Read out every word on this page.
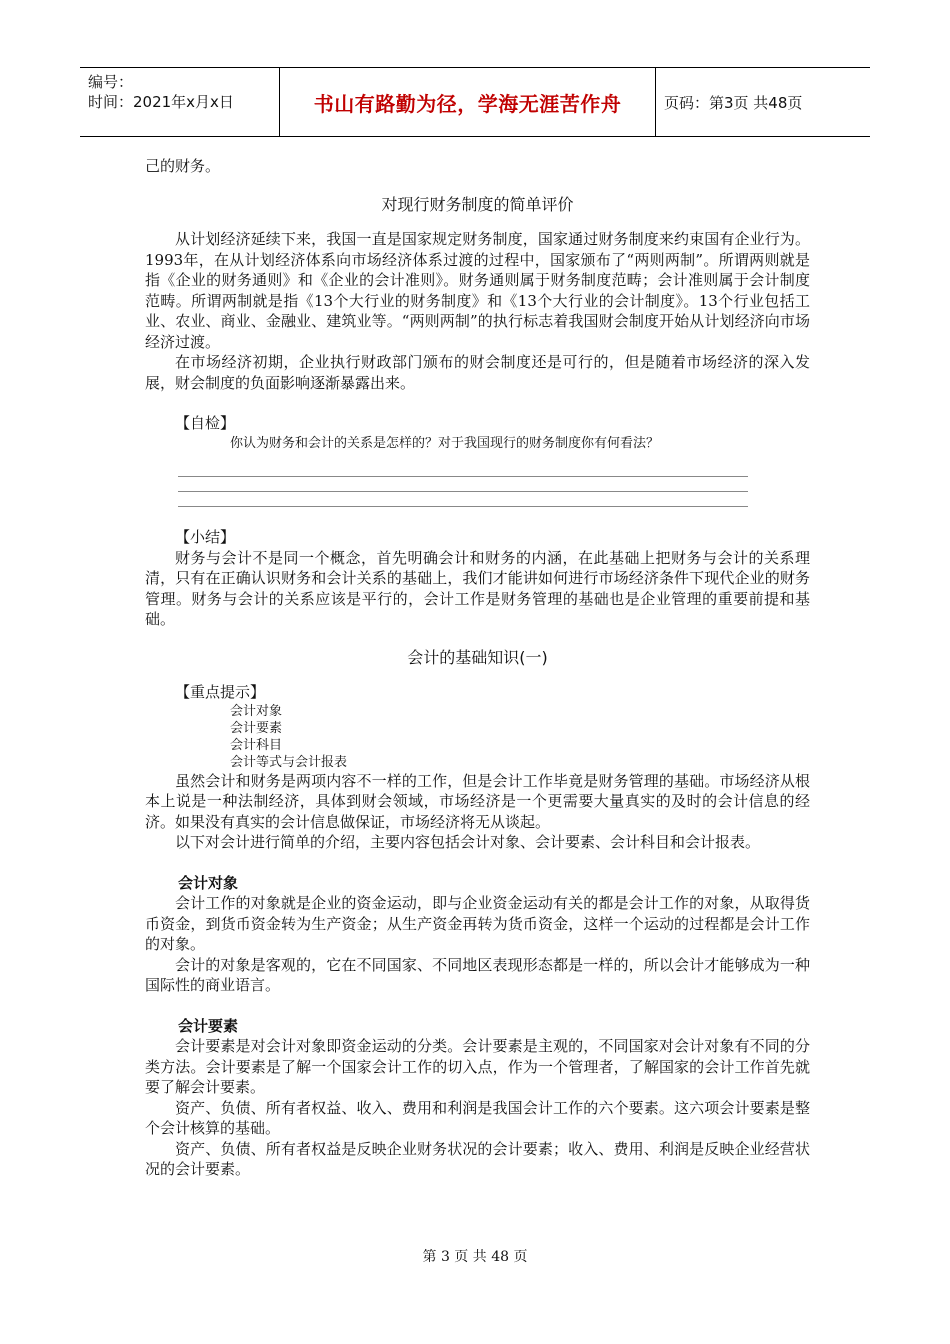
编号：
时间：2021年x月x日	书山有路勤为径，学海无涯苦作舟	页码：第3页 共48页

己的财务。

对现行财务制度的简单评价

从计划经济延续下来，我国一直是国家规定财务制度，国家通过财务制度来约束国有企业行为。1993年，在从计划经济体系向市场经济体系过渡的过程中，国家颁布了“两则两制”。所谓两则就是指《企业的财务通则》和《企业的会计准则》。财务通则属于财务制度范畴；会计准则属于会计制度范畴。所谓两制就是指《13个大行业的财务制度》和《13个大行业的会计制度》。13个行业包括工业、农业、商业、金融业、建筑业等。“两则两制”的执行标志着我国财会制度开始从计划经济向市场经济过渡。

在市场经济初期，企业执行财政部门颁布的财会制度还是可行的，但是随着市场经济的深入发展，财会制度的负面影响逐渐暴露出来。

【自检】

你认为财务和会计的关系是怎样的？对于我国现行的财务制度你有何看法？

【小结】

财务与会计不是同一个概念，首先明确会计和财务的内涵，在此基础上把财务与会计的关系理清，只有在正确认识财务和会计关系的基础上，我们才能讲如何进行市场经济条件下现代企业的财务管理。财务与会计的关系应该是平行的，会计工作是财务管理的基础也是企业管理的重要前提和基础。

会计的基础知识(一)

【重点提示】

会计对象

会计要素

会计科目

会计等式与会计报表

虽然会计和财务是两项内容不一样的工作，但是会计工作毕竟是财务管理的基础。市场经济从根本上说是一种法制经济，具体到财会领域，市场经济是一个更需要大量真实的及时的会计信息的经济。如果没有真实的会计信息做保证，市场经济将无从谈起。

以下对会计进行简单的介绍，主要内容包括会计对象、会计要素、会计科目和会计报表。

会计对象

会计工作的对象就是企业的资金运动，即与企业资金运动有关的都是会计工作的对象，从取得货币资金，到货币资金转为生产资金；从生产资金再转为货币资金，这样一个运动的过程都是会计工作的对象。

会计的对象是客观的，它在不同国家、不同地区表现形态都是一样的，所以会计才能够成为一种国际性的商业语言。

会计要素

会计要素是对会计对象即资金运动的分类。会计要素是主观的，不同国家对会计对象有不同的分类方法。会计要素是了解一个国家会计工作的切入点，作为一个管理者，了解国家的会计工作首先就要了解会计要素。

资产、负债、所有者权益、收入、费用和利润是我国会计工作的六个要素。这六项会计要素是整个会计核算的基础。

资产、负债、所有者权益是反映企业财务状况的会计要素；收入、费用、利润是反映企业经营状况的会计要素。

第 3 页 共 48 页
